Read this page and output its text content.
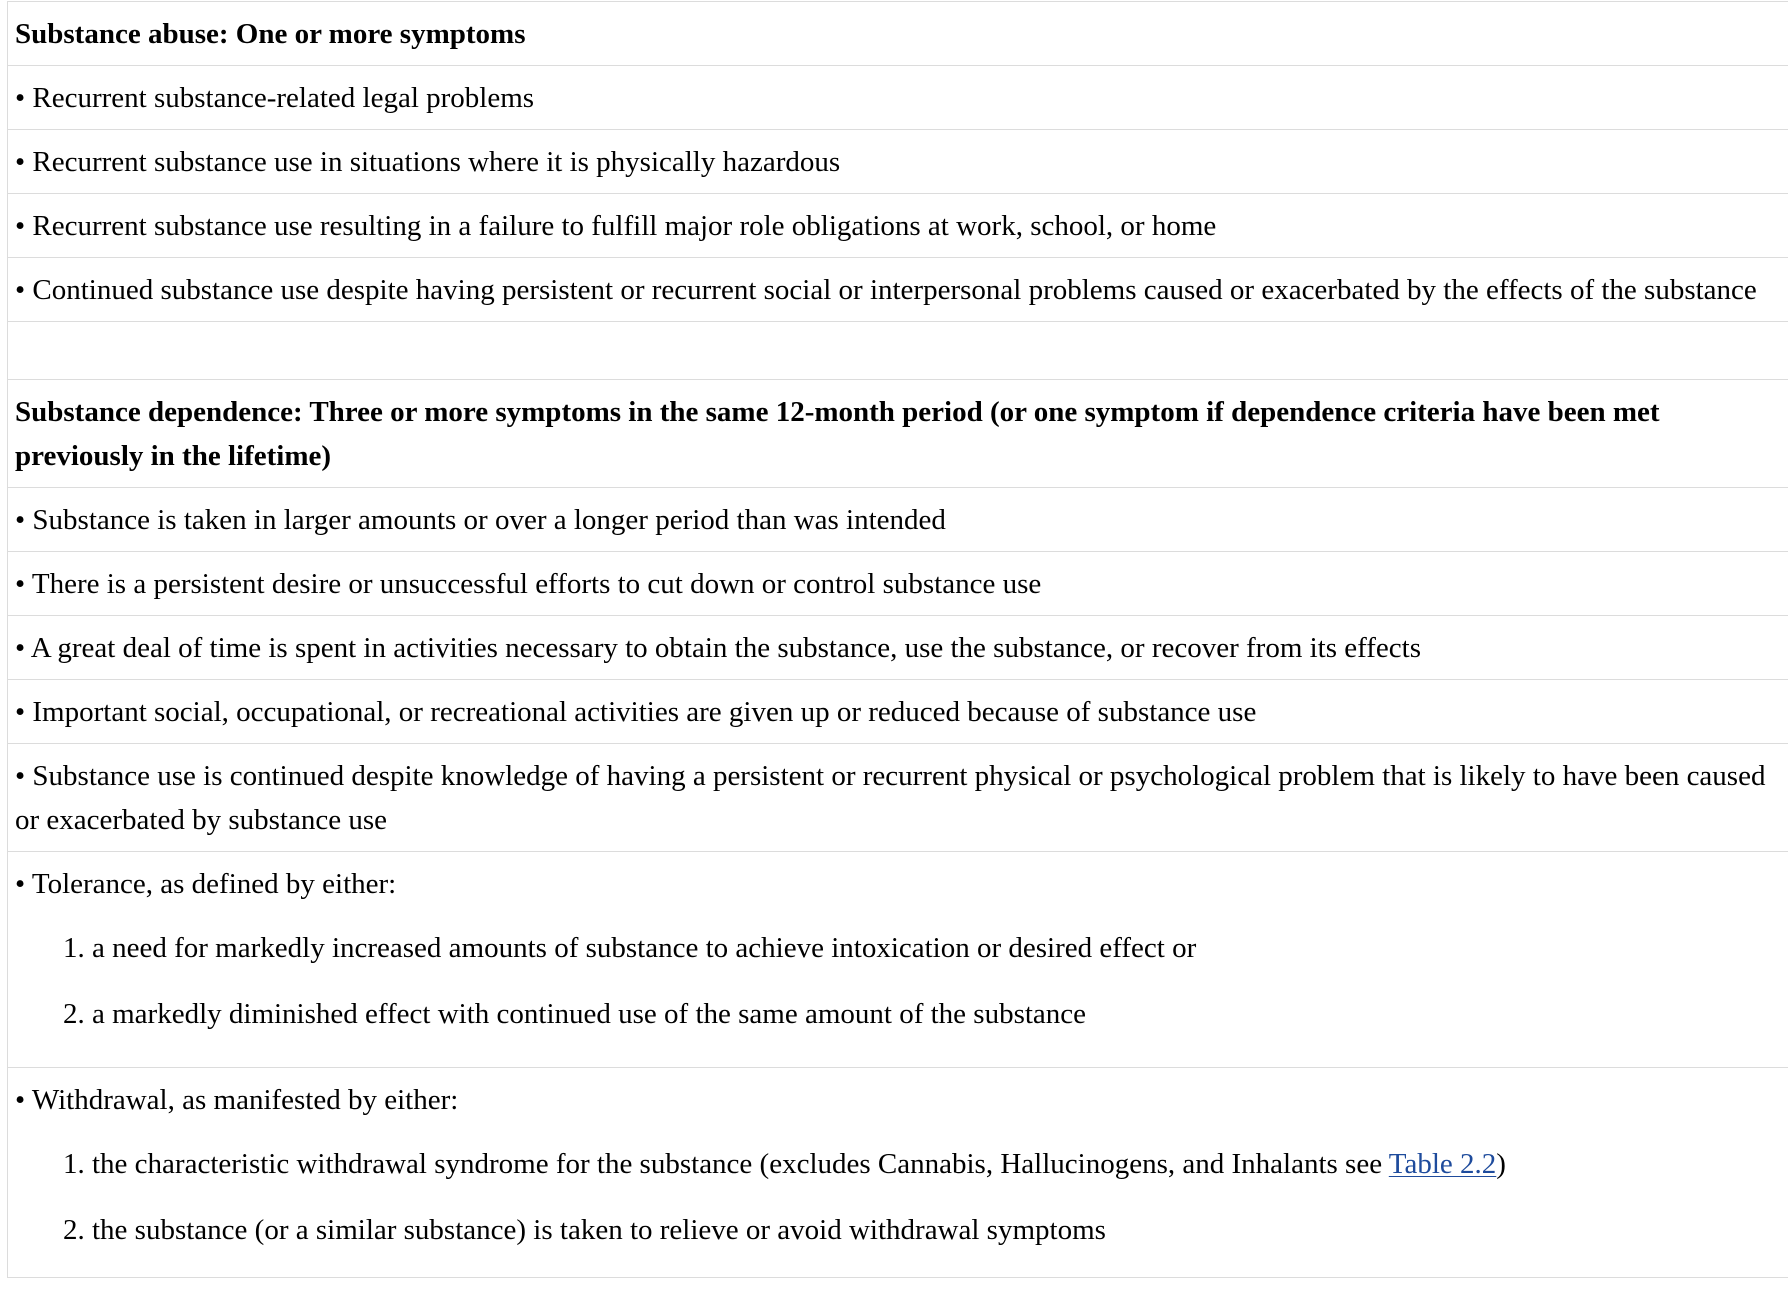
Substance abuse: One or more symptoms
• Recurrent substance-related legal problems
• Recurrent substance use in situations where it is physically hazardous
• Recurrent substance use resulting in a failure to fulfill major role obligations at work, school, or home
• Continued substance use despite having persistent or recurrent social or interpersonal problems caused or exacerbated by the effects of the substance

Substance dependence: Three or more symptoms in the same 12-month period (or one symptom if dependence criteria have been met previously in the lifetime)
• Substance is taken in larger amounts or over a longer period than was intended
• There is a persistent desire or unsuccessful efforts to cut down or control substance use
• A great deal of time is spent in activities necessary to obtain the substance, use the substance, or recover from its effects
• Important social, occupational, or recreational activities are given up or reduced because of substance use
• Substance use is continued despite knowledge of having a persistent or recurrent physical or psychological problem that is likely to have been caused or exacerbated by substance use

• Tolerance, as defined by either:
1. a need for markedly increased amounts of substance to achieve intoxication or desired effect or
2. a markedly diminished effect with continued use of the same amount of the substance

• Withdrawal, as manifested by either:
1. the characteristic withdrawal syndrome for the substance (excludes Cannabis, Hallucinogens, and Inhalants see Table 2.2)
2. the substance (or a similar substance) is taken to relieve or avoid withdrawal symptoms
